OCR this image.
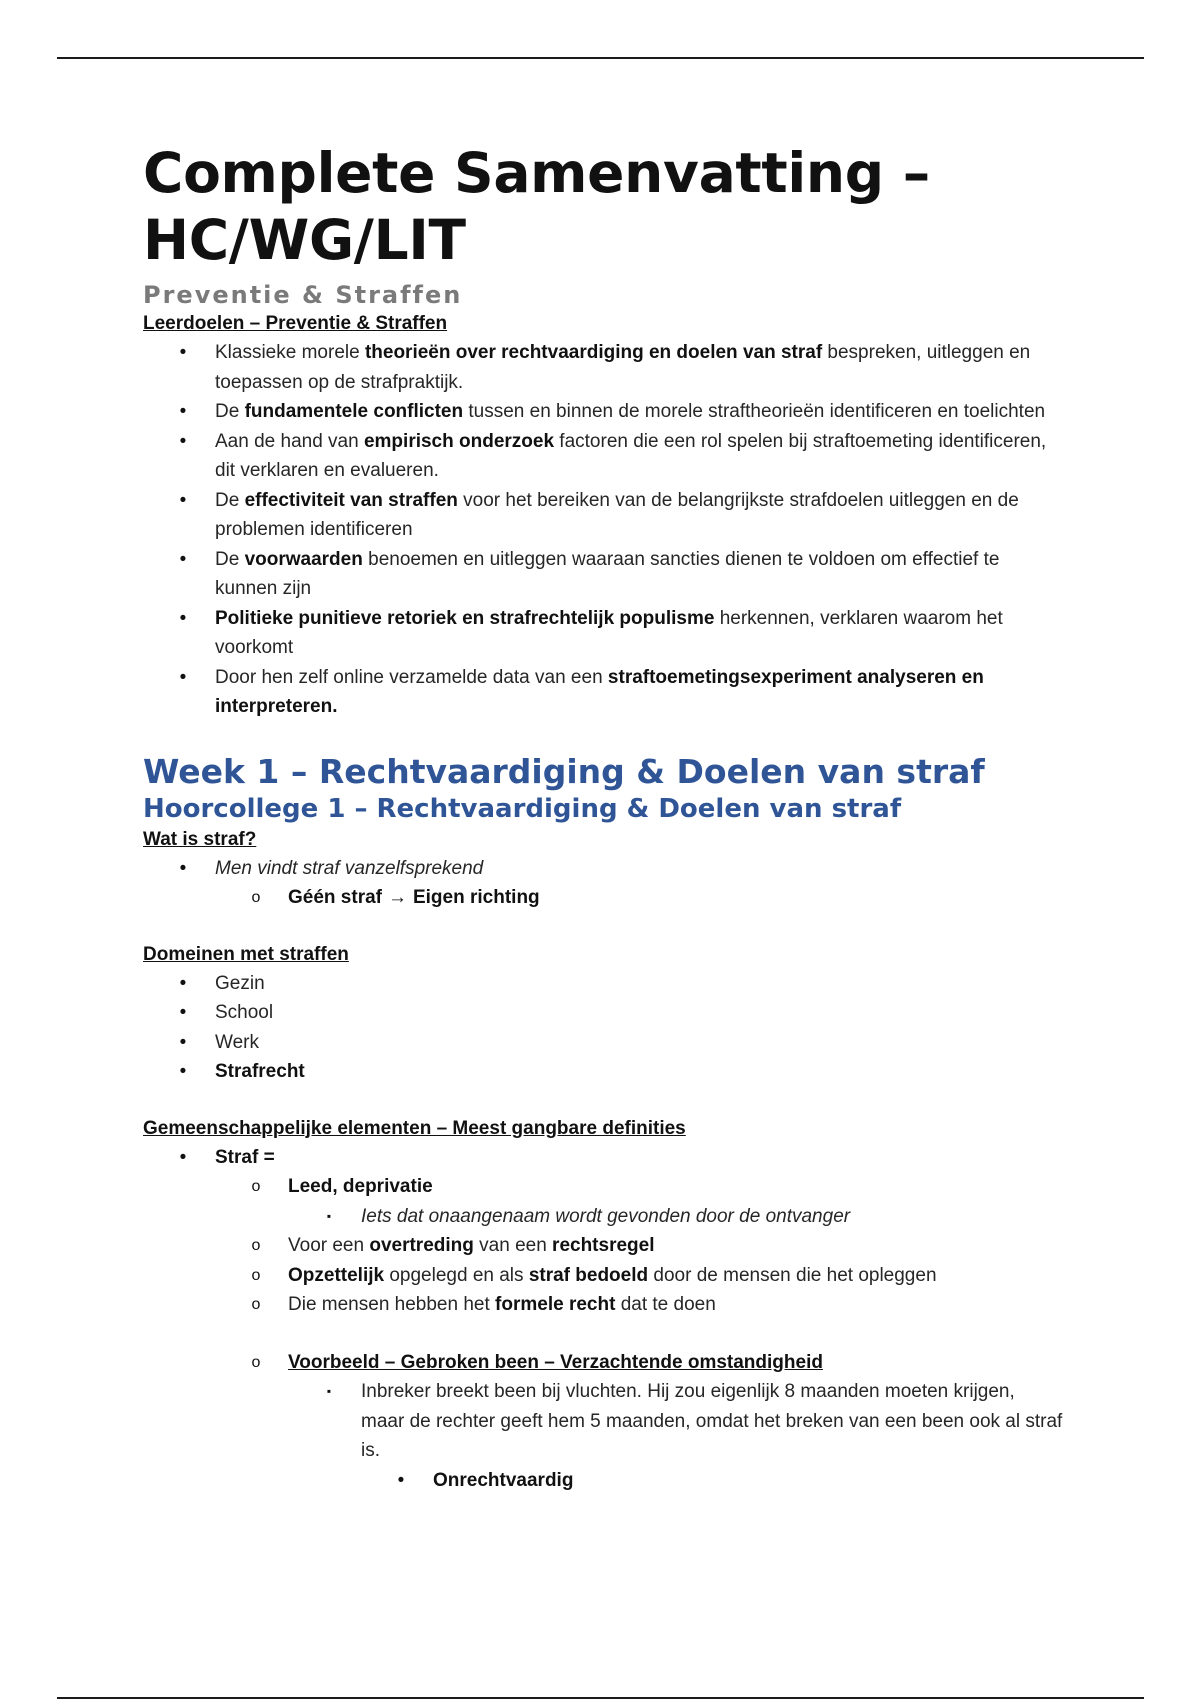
Complete Samenvatting –
HC/WG/LIT
Preventie & Straffen
Leerdoelen – Preventie & Straffen
•	Klassieke morele theorieën over rechtvaardiging en doelen van straf bespreken, uitleggen en toepassen op de strafpraktijk.
•	De fundamentele conflicten tussen en binnen de morele straftheorieën identificeren en toelichten
•	Aan de hand van empirisch onderzoek factoren die een rol spelen bij straftoemeting identificeren, dit verklaren en evalueren.
•	De effectiviteit van straffen voor het bereiken van de belangrijkste strafdoelen uitleggen en de problemen identificeren
•	De voorwaarden benoemen en uitleggen waaraan sancties dienen te voldoen om effectief te kunnen zijn
•	Politieke punitieve retoriek en strafrechtelijk populisme herkennen, verklaren waarom het voorkomt
•	Door hen zelf online verzamelde data van een straftoemetingsexperiment analyseren en interpreteren.
Week 1 – Rechtvaardiging & Doelen van straf
Hoorcollege 1 – Rechtvaardiging & Doelen van straf
Wat is straf?
•	Men vindt straf vanzelfsprekend
o Géén straf → Eigen richting
Domeinen met straffen
•	Gezin
•	School
•	Werk
•	Strafrecht
Gemeenschappelijke elementen – Meest gangbare definities
•	Straf =
o Leed, deprivatie
▪	Iets dat onaangenaam wordt gevonden door de ontvanger
o Voor een overtreding van een rechtsregel
o Opzettelijk opgelegd en als straf bedoeld door de mensen die het opleggen
o Die mensen hebben het formele recht dat te doen
o Voorbeeld – Gebroken been – Verzachtende omstandigheid
▪	Inbreker breekt been bij vluchten. Hij zou eigenlijk 8 maanden moeten krijgen, maar de rechter geeft hem 5 maanden, omdat het breken van een been ook al straf is.
•	Onrechtvaardig
